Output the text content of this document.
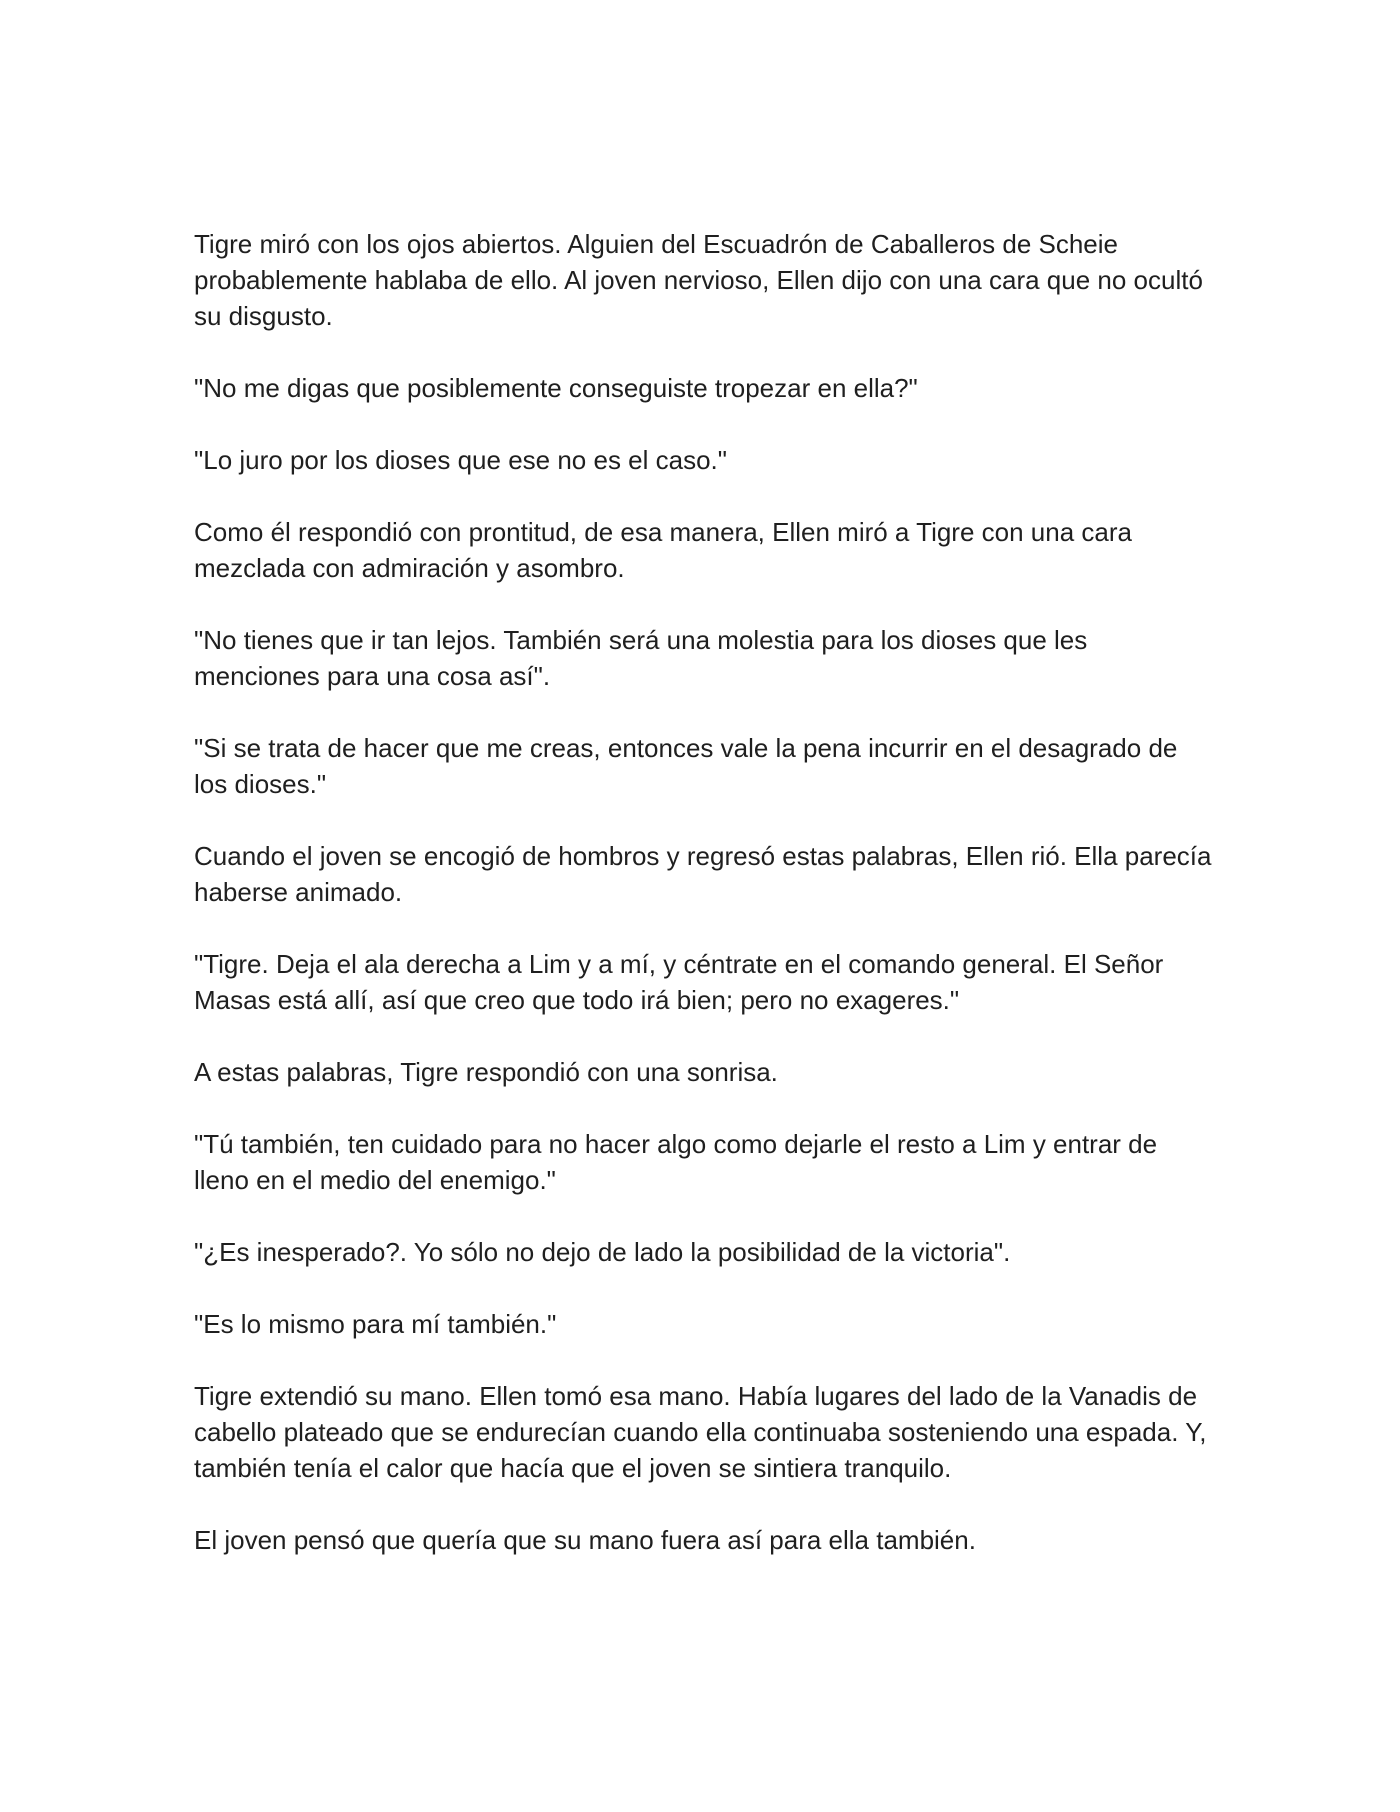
Tigre miró con los ojos abiertos. Alguien del Escuadrón de Caballeros de Scheie probablemente hablaba de ello. Al joven nervioso, Ellen dijo con una cara que no ocultó su disgusto.

"No me digas que posiblemente conseguiste tropezar en ella?"

"Lo juro por los dioses que ese no es el caso."

Como él respondió con prontitud, de esa manera, Ellen miró a Tigre con una cara mezclada con admiración y asombro.

"No tienes que ir tan lejos. También será una molestia para los dioses que les menciones para una cosa así".

"Si se trata de hacer que me creas, entonces vale la pena incurrir en el desagrado de los dioses."

Cuando el joven se encogió de hombros y regresó estas palabras, Ellen rió. Ella parecía haberse animado.

"Tigre. Deja el ala derecha a Lim y a mí, y céntrate en el comando general. El Señor Masas está allí, así que creo que todo irá bien; pero no exageres."

A estas palabras, Tigre respondió con una sonrisa.

"Tú también, ten cuidado para no hacer algo como dejarle el resto a Lim y entrar de lleno en el medio del enemigo."

"¿Es inesperado?. Yo sólo no dejo de lado la posibilidad de la victoria".

"Es lo mismo para mí también."

Tigre extendió su mano. Ellen tomó esa mano. Había lugares del lado de la Vanadis de cabello plateado que se endurecían cuando ella continuaba sosteniendo una espada. Y, también tenía el calor que hacía que el joven se sintiera tranquilo.

El joven pensó que quería que su mano fuera así para ella también.
